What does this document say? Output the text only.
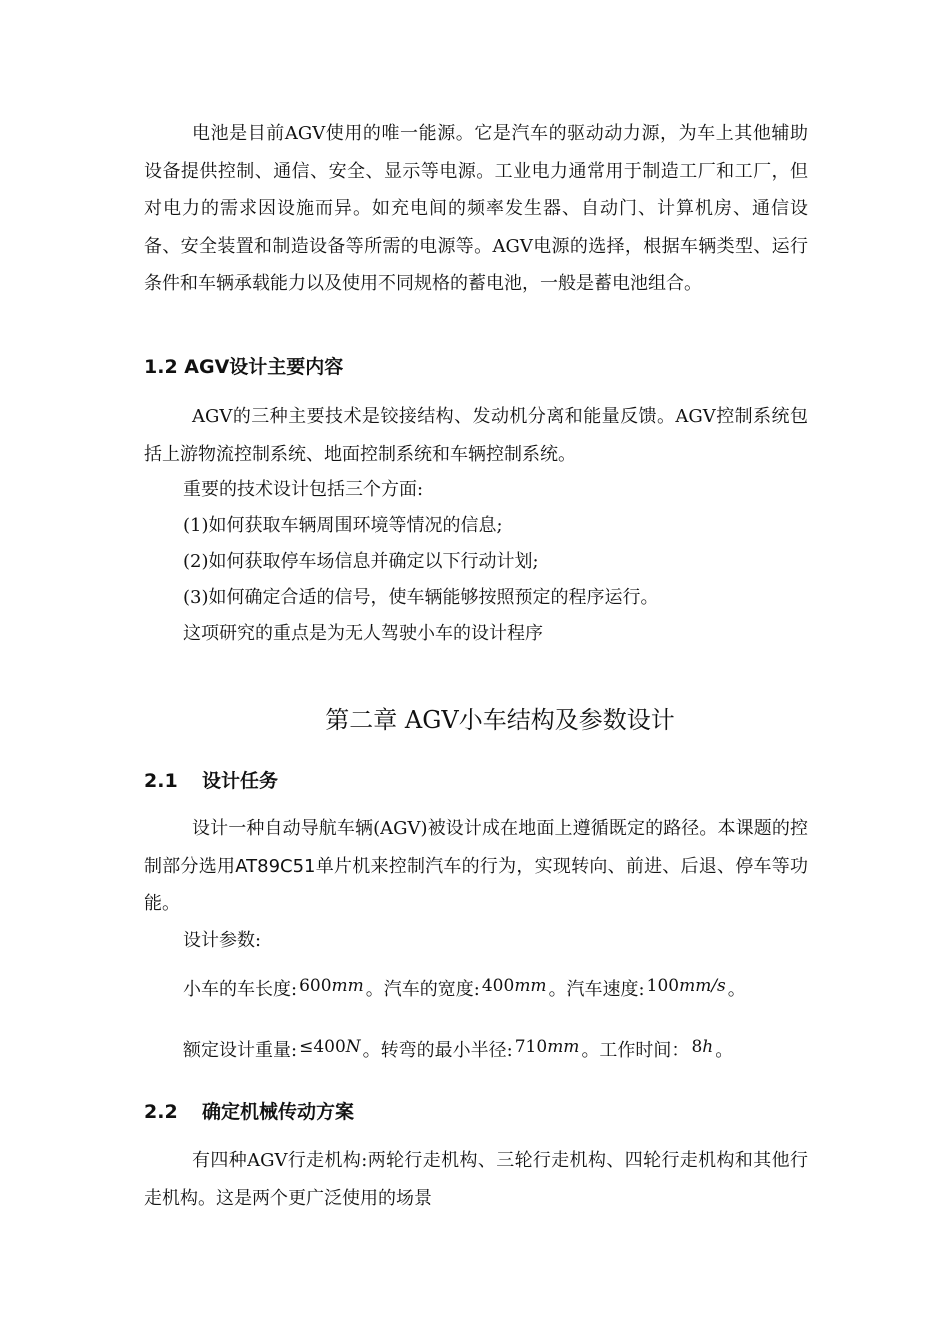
电池是目前AGV使用的唯一能源。它是汽车的驱动动力源，为车上其他辅助设备提供控制、通信、安全、显示等电源。工业电力通常用于制造工厂和工厂，但对电力的需求因设施而异。如充电间的频率发生器、自动门、计算机房、通信设备、安全装置和制造设备等所需的电源等。AGV电源的选择，根据车辆类型、运行条件和车辆承载能力以及使用不同规格的蓄电池，一般是蓄电池组合。
1.2 AGV设计主要内容
AGV的三种主要技术是铰接结构、发动机分离和能量反馈。AGV控制系统包括上游物流控制系统、地面控制系统和车辆控制系统。
重要的技术设计包括三个方面:
(1)如何获取车辆周围环境等情况的信息;
(2)如何获取停车场信息并确定以下行动计划;
(3)如何确定合适的信号，使车辆能够按照预定的程序运行。
这项研究的重点是为无人驾驶小车的设计程序
第二章 AGV小车结构及参数设计
2.1 设计任务
设计一种自动导航车辆(AGV)被设计成在地面上遵循既定的路径。本课题的控制部分选用AT89C51单片机来控制汽车的行为，实现转向、前进、后退、停车等功能。
设计参数:
小车的车长度: 600mm 。汽车的宽度: 400mm 。汽车速度: 100mm/s 。
额定设计重量: ≤400N 。转弯的最小半径: 710mm 。工作时间： 8h 。
2.2 确定机械传动方案
有四种AGV行走机构:两轮行走机构、三轮行走机构、四轮行走机构和其他行走机构。这是两个更广泛使用的场景
